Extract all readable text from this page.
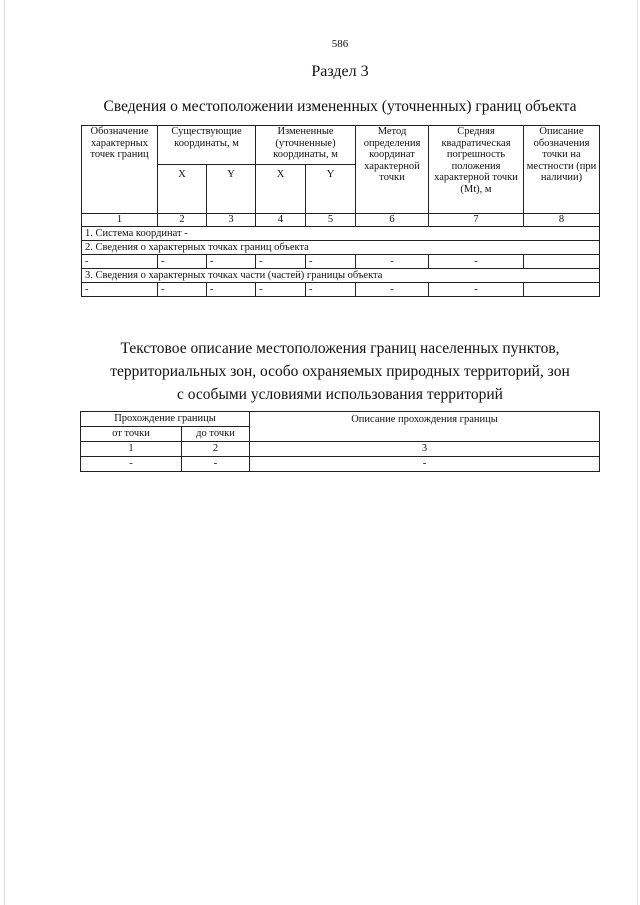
586
Раздел 3
Сведения о местоположении измененных (уточненных) границ объекта
Обозначение характерных точек границ	Существующие координаты, м		Измененные (уточненные) координаты, м		Метод определения координат характерной точки	Средняя квадратическая погрешность положения характерной точки (Mt), м	Описание обозначения точки на местности (при наличии)
	X	Y	X	Y			
1	2	3	4	5	6	7	8
1. Система координат -							
2. Сведения о характерных точках границ объекта							
-	-	-	-	-	-	-	
3. Сведения о характерных точках части (частей) границы объекта							
-	-	-	-	-	-	-	
Текстовое описание местоположения границ населенных пунктов,
территориальных зон, особо охраняемых природных территорий, зон
с особыми условиями использования территорий
Прохождение границы		Описание прохождения границы
от точки	до точки	
1	2	3
-	-	-
